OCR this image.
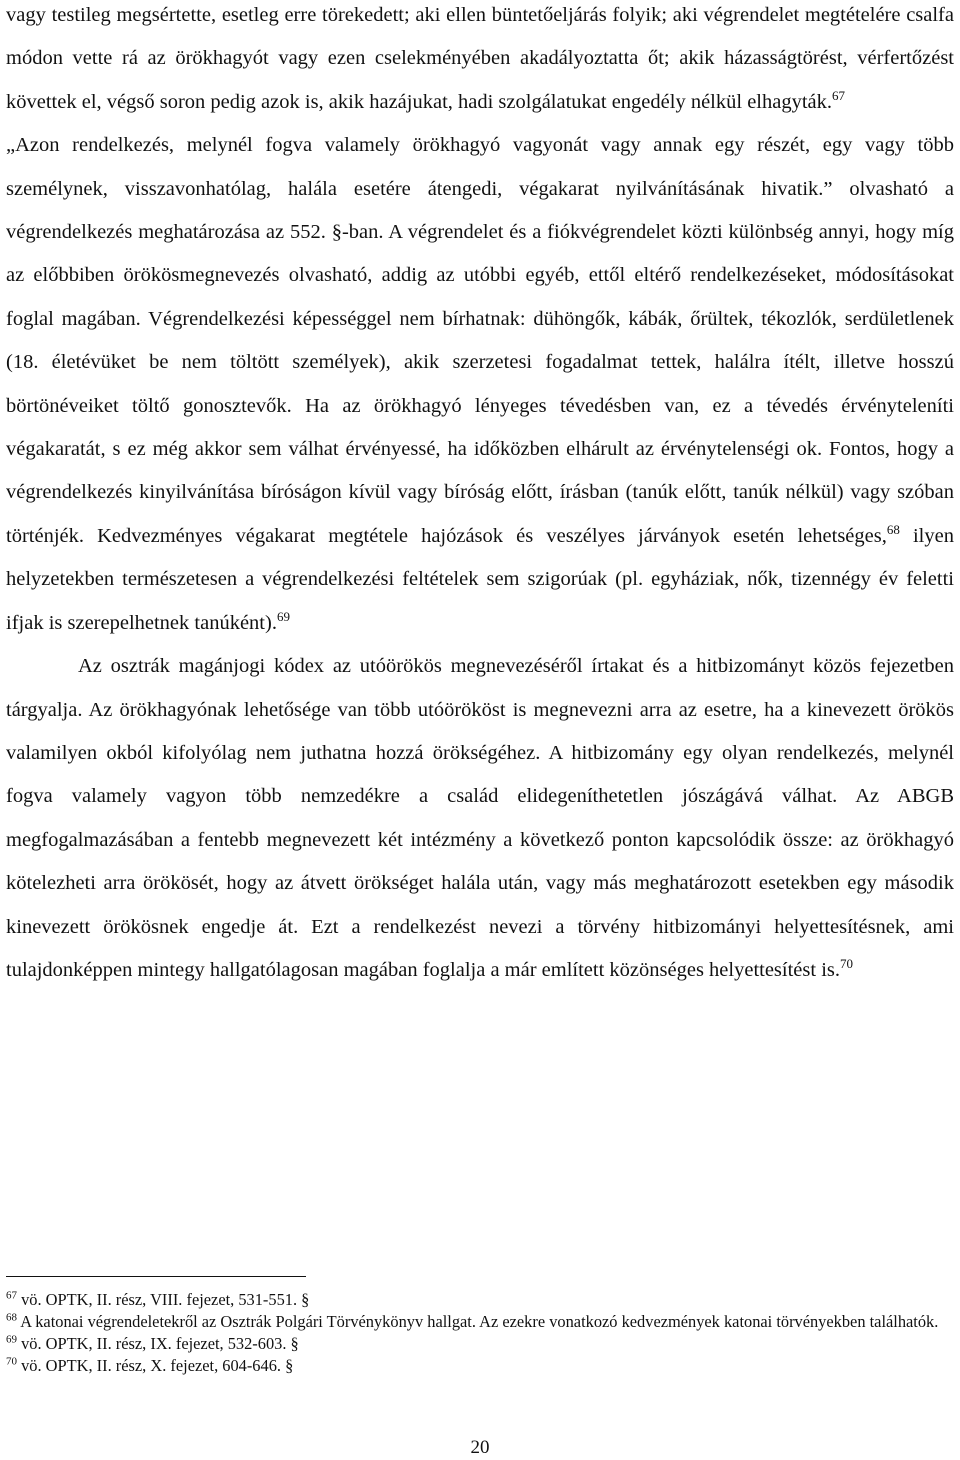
vagy testileg megsértette, esetleg erre törekedett; aki ellen büntetőeljárás folyik; aki végrendelet megtételére csalfa módon vette rá az örökhagyót vagy ezen cselekményében akadályoztatta őt; akik házasságtörést, vérfertőzést követtek el, végső soron pedig azok is, akik hazájukat, hadi szolgálatukat engedély nélkül elhagyták.$^{67}$

„Azon rendelkezés, melynél fogva valamely örökhagyó vagyonát vagy annak egy részét, egy vagy több személynek, visszavonhatólag, halála esetére átengedi, végakarat nyilvánításának hivatik.” olvasható a végrendelkezés meghatározása az 552. §-ban. A végrendelet és a fiókvégrendelet közti különbség annyi, hogy míg az előbbiben örökösmegnevezés olvasható, addig az utóbbi egyéb, ettől eltérő rendelkezéseket, módosításokat foglal magában. Végrendelkezési képességgel nem bírhatnak: dühöngők, kábák, őrültek, tékozlók, serdületlenek (18. életévüket be nem töltött személyek), akik szerzetesi fogadalmat tettek, halálra ítélt, illetve hosszú börtönéveiket töltő gonosztevők. Ha az örökhagyó lényeges tévedésben van, ez a tévedés érvényteleníti végakaratát, s ez még akkor sem válhat érvényessé, ha időközben elhárult az érvénytelenségi ok. Fontos, hogy a végrendelkezés kinyilvánítása bíróságon kívül vagy bíróság előtt, írásban (tanúk előtt, tanúk nélkül) vagy szóban történjék. Kedvezményes végakarat megtétele hajózások és veszélyes járványok esetén lehetséges,$^{68}$ ilyen helyzetekben természetesen a végrendelkezési feltételek sem szigorúak (pl. egyháziak, nők, tizennégy év feletti ifjak is szerepelhetnek tanúként).$^{69}$

Az osztrák magánjogi kódex az utóörökös megnevezéséről írtakat és a hitbizományt közös fejezetben tárgyalja. Az örökhagyónak lehetősége van több utóörököst is megnevezni arra az esetre, ha a kinevezett örökös valamilyen okból kifolyólag nem juthatna hozzá örökségéhez. A hitbizomány egy olyan rendelkezés, melynél fogva valamely vagyon több nemzedékre a család elidegeníthetetlen jószágává válhat. Az ABGB megfogalmazásában a fentebb megnevezett két intézmény a következő ponton kapcsolódik össze: az örökhagyó kötelezheti arra örökösét, hogy az átvett örökséget halála után, vagy más meghatározott esetekben egy második kinevezett örökösnek engedje át. Ezt a rendelkezést nevezi a törvény hitbizományi helyettesítésnek, ami tulajdonképpen mintegy hallgatólagosan magában foglalja a már említett közönséges helyettesítést is.$^{70}$

$^{67}$ vö. OPTK, II. rész, VIII. fejezet, 531-551. §

$^{68}$ A katonai végrendeletekről az Osztrák Polgári Törvénykönyv hallgat. Az ezekre vonatkozó kedvezmények katonai törvényekben találhatók.

$^{69}$ vö. OPTK, II. rész, IX. fejezet, 532-603. §

$^{70}$ vö. OPTK, II. rész, X. fejezet, 604-646. §

20
